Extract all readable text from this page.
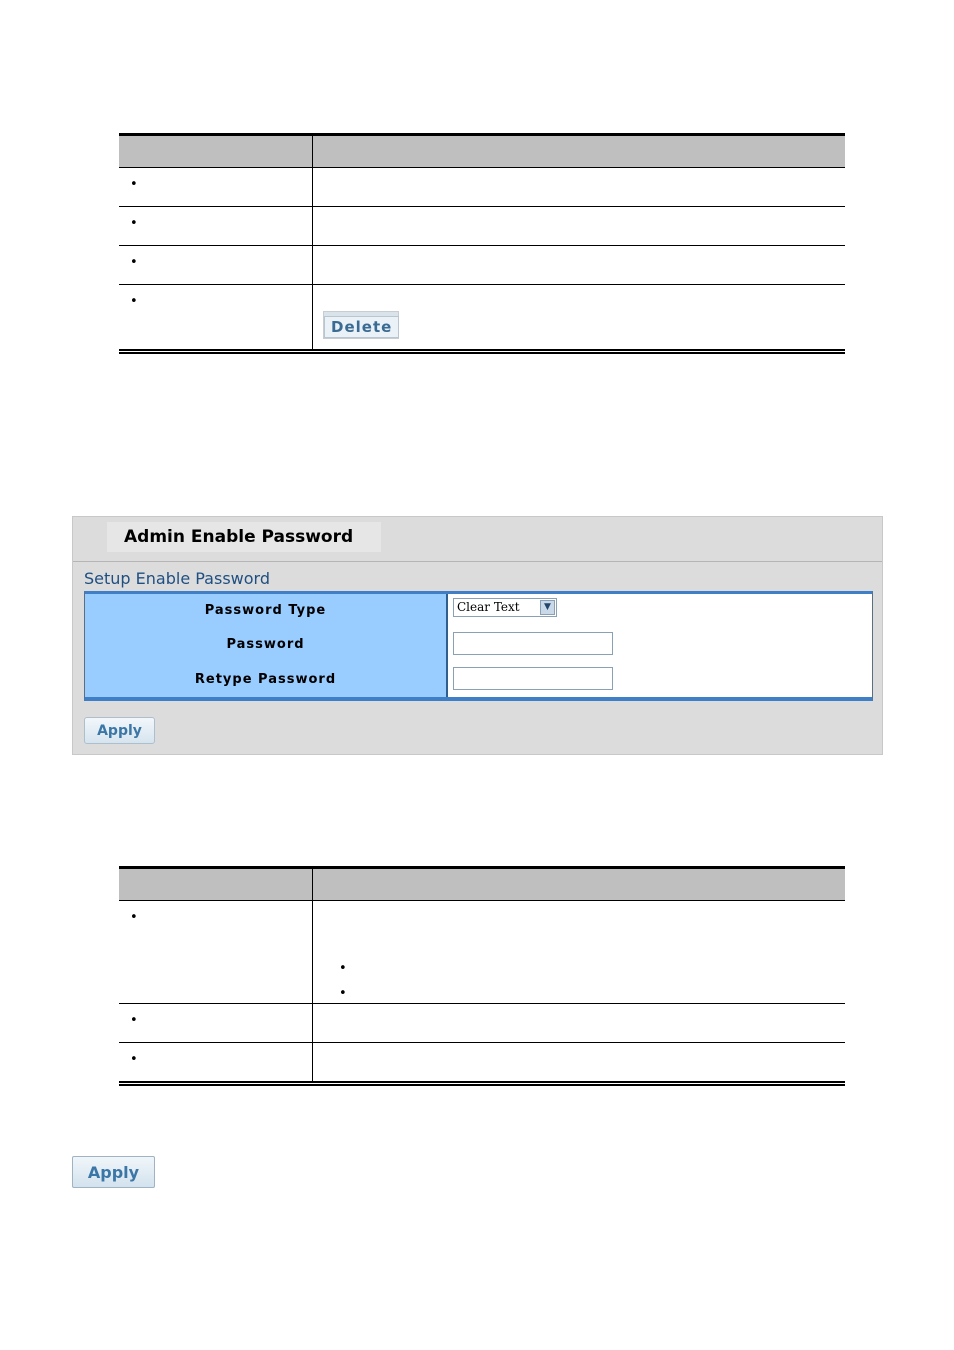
•
•
•
•
Delete
Admin Enable Password
Setup Enable Password
Password Type	Clear Text	▼
Password
Retype Password
Apply
•
•
•
•
•
Apply
